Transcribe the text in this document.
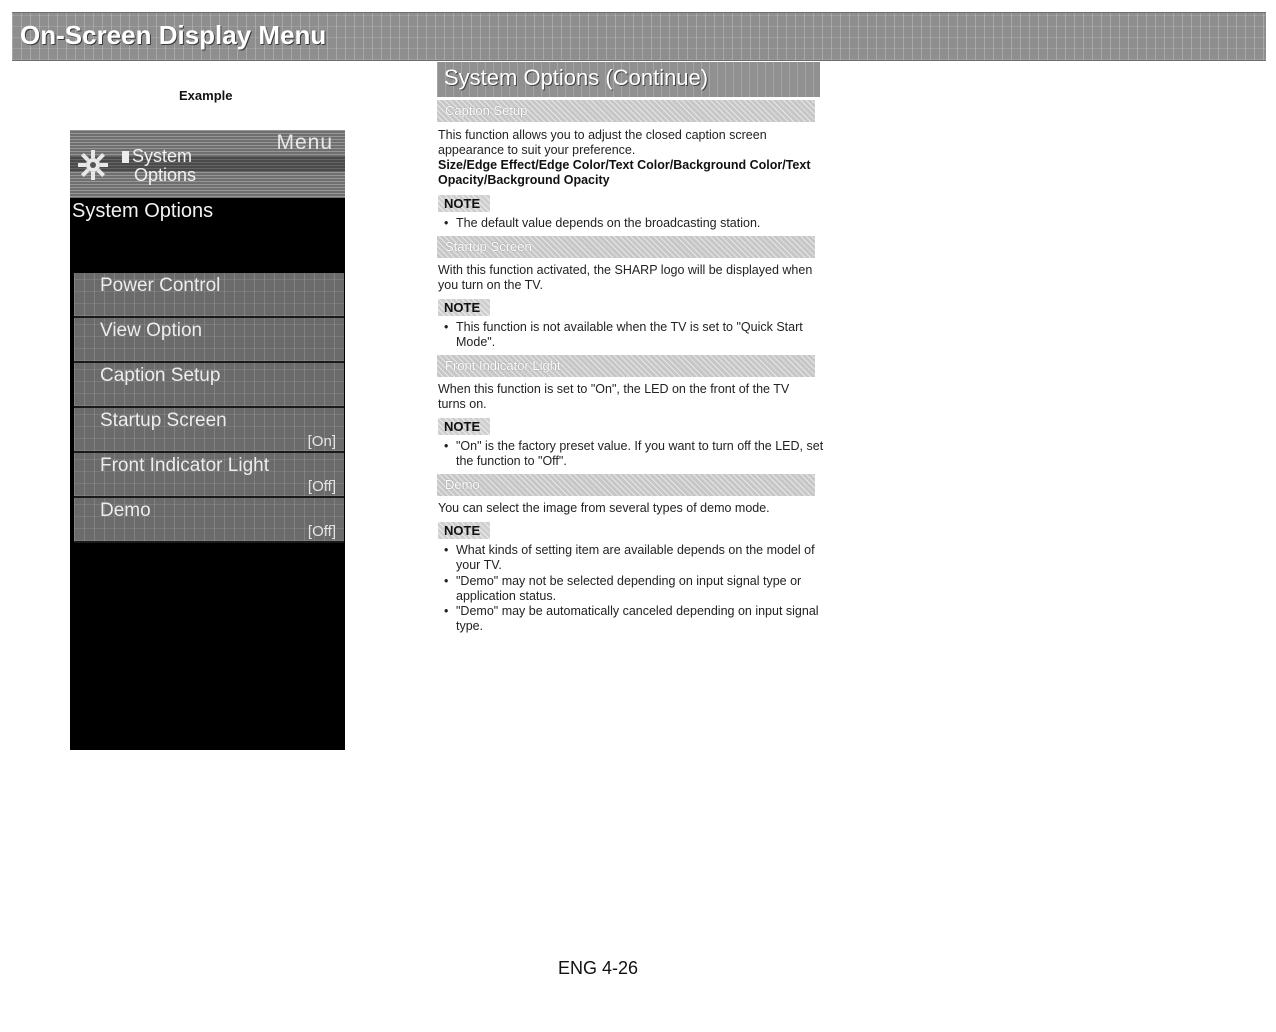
On-Screen Display Menu
Example
Menu
System
Options
System Options
Power Control
View Option
Caption Setup
Startup Screen
[On]
Front Indicator Light
[Off]
Demo
[Off]
System Options (Continue)
Caption Setup
This function allows you to adjust the closed caption screen appearance to suit your preference.
Size/Edge Effect/Edge Color/Text Color/Background Color/Text Opacity/Background Opacity
NOTE
• The default value depends on the broadcasting station.
Startup Screen
With this function activated, the SHARP logo will be displayed when you turn on the TV.
NOTE
• This function is not available when the TV is set to "Quick Start Mode".
Front Indicator Light
When this function is set to "On", the LED on the front of the TV turns on.
NOTE
• "On" is the factory preset value. If you want to turn off the LED, set the function to "Off".
Demo
You can select the image from several types of demo mode.
NOTE
• What kinds of setting item are available depends on the model of your TV.
• "Demo" may not be selected depending on input signal type or application status.
• "Demo" may be automatically canceled depending on input signal type.
ENG 4-26
